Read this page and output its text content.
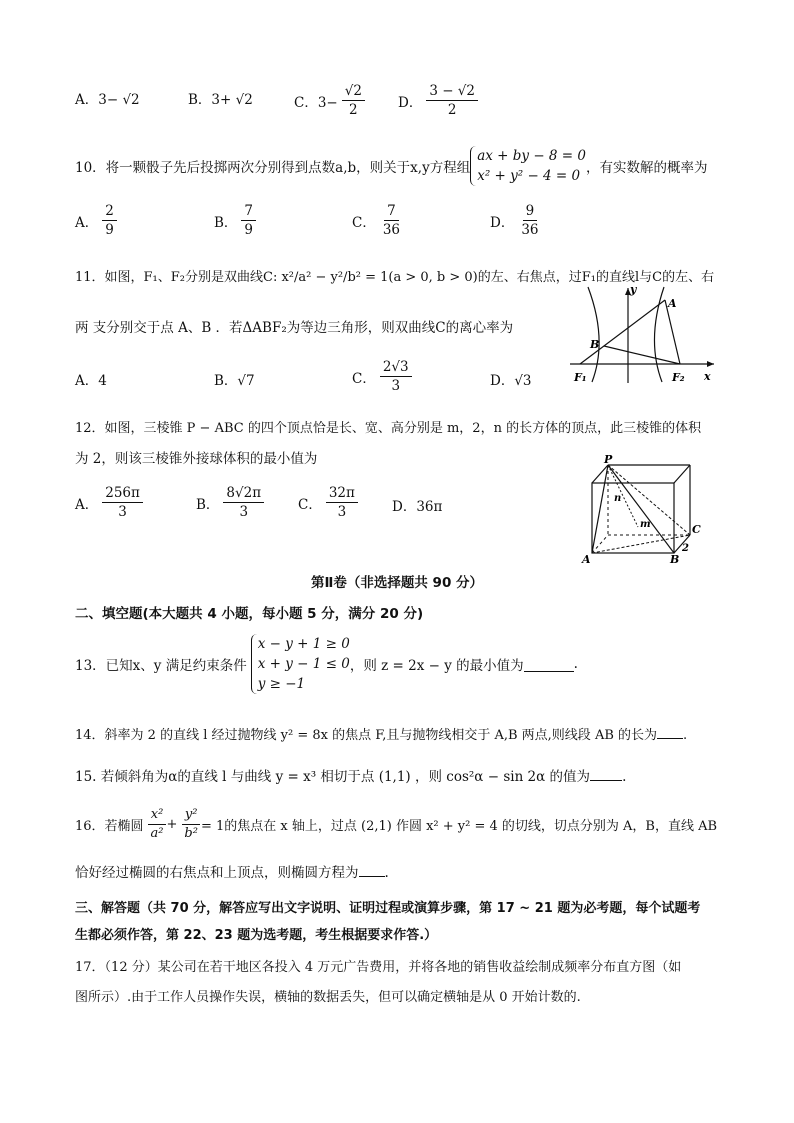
A．3− √2	B．3+ √2	C．$3- \frac{√2}{2}$ D． $\frac{3 - √2}{2}$
10．将一颗骰子先后投掷两次分别得到点数a,b，则关于x,y方程组
ax + by − 8 = 0
x² + y² − 4 = 0 ，有实数解的概率为
A． $\frac{2}{9}$	B． $\frac{7}{9}$	C． $\frac{7}{36}$	D． $\frac{9}{36}$
11．如图，F₁、F₂分别是双曲线C: x²/a² − y²/b² = 1(a > 0, b > 0)的左、右焦点，过F₁的直线l与C的左、右
两 支分别交于点 A、B ．若ΔABF₂为等边三角形，则双曲线C的离心率为
A．4	B．√7	C． $\frac{2√3}{3}$	D．√3
y
A
B
F₁	F₂ x
12．如图，三棱锥 P − ABC 的四个顶点恰是长、宽、高分别是 m，2，n 的长方体的顶点，此三棱锥的体积
为 2，则该三棱锥外接球体积的最小值为
A． $\frac{256\pi}{3}$	B． $\frac{8√2\pi}{3}$	C． $\frac{32\pi}{3}$	D．36π
P
n
m
A	B
C
2
第Ⅱ卷（非选择题共 90 分）
二、填空题(本大题共 4 小题，每小题 5 分，满分 20 分)
13．已知x、y 满足约束条件
x − y + 1 ≥ 0
x + y − 1 ≤ 0
y ≥ −1
，则 z = 2x − y 的最小值为	.
14．斜率为 2 的直线 l 经过抛物线 y² = 8x 的焦点 F,且与抛物线相交于 A,B 两点,则线段 AB 的长为 .
15. 若倾斜角为α的直线 l 与曲线 y = x³ 相切于点 (1,1) ，则 cos²α − sin 2α 的值为 .
16．若椭圆 $\frac{\text{x²}}{\text{a²}} + \frac{\text{y²}}{\text{b²}} = 1$的焦点在 x 轴上，过点 (2,1) 作圆 x² + y² = 4 的切线，切点分别为 A，B，直线 AB
恰好经过椭圆的右焦点和上顶点，则椭圆方程为 .
三、解答题（共 70 分，解答应写出文字说明、证明过程或演算步骤，第 17 ~ 21 题为必考题，每个试题考
生都必须作答，第 22、23 题为选考题，考生根据要求作答.）
17．（12 分）某公司在若干地区各投入 4 万元广告费用，并将各地的销售收益绘制成频率分布直方图（如
图所示）.由于工作人员操作失误，横轴的数据丢失，但可以确定横轴是从 0 开始计数的.
